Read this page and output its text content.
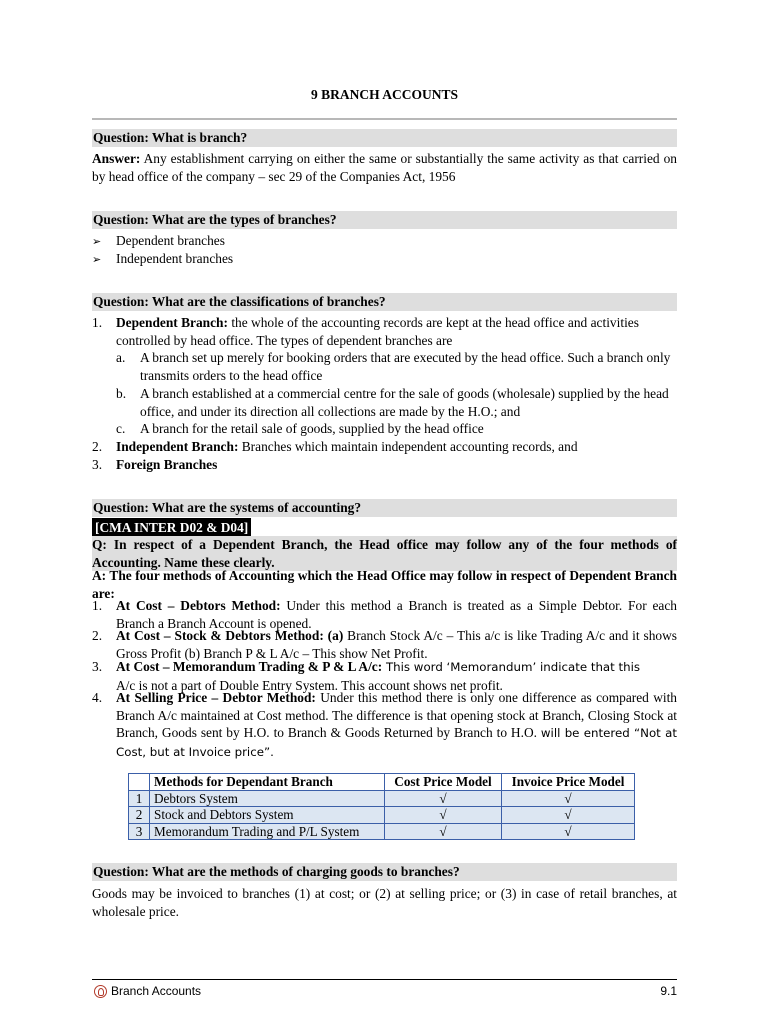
9 BRANCH ACCOUNTS
Question: What is branch?
Answer: Any establishment carrying on either the same or substantially the same activity as that carried on by head office of the company – sec 29 of the Companies Act, 1956
Question: What are the types of branches?
➢ Dependent branches
➢ Independent branches
Question: What are the classifications of branches?
1.	Dependent Branch: the whole of the accounting records are kept at the head office and activities controlled by head office. The types of dependent branches are
a.	A branch set up merely for booking orders that are executed by the head office. Such a branch only transmits orders to the head office
b.	A branch established at a commercial centre for the sale of goods (wholesale) supplied by the head office, and under its direction all collections are made by the H.O.; and
c.	A branch for the retail sale of goods, supplied by the head office
2.	Independent Branch: Branches which maintain independent accounting records, and
3.	Foreign Branches
Question: What are the systems of accounting?
[CMA INTER D02 & D04]
Q: In respect of a Dependent Branch, the Head office may follow any of the four methods of Accounting. Name these clearly.
A: The four methods of Accounting which the Head Office may follow in respect of Dependent Branch are:
1.	At Cost – Debtors Method: Under this method a Branch is treated as a Simple Debtor. For each Branch a Branch Account is opened.
2.	At Cost – Stock & Debtors Method: (a) Branch Stock A/c – This a/c is like Trading A/c and it shows Gross Profit (b) Branch P & L A/c – This show Net Profit.
3.	At Cost – Memorandum Trading & P & L A/c: This word ‘Memorandum’ indicate that this
A/c is not a part of Double Entry System. This account shows net profit.
4.	At Selling Price – Debtor Method: Under this method there is only one difference as compared with Branch A/c maintained at Cost method. The difference is that opening stock at Branch, Closing Stock at Branch, Goods sent by H.O. to Branch & Goods Returned by Branch to H.O. will be entered “Not at Cost, but at Invoice price”.
	Methods for Dependant Branch	Cost Price Model	Invoice Price Model
1	Debtors System	√	√
2	Stock and Debtors System	√	√
3	Memorandum Trading and P/L System	√	√
Question: What are the methods of charging goods to branches?
Goods may be invoiced to branches (1) at cost; or (2) at selling price; or (3) in case of retail branches, at wholesale price.
Branch Accounts	9.1
